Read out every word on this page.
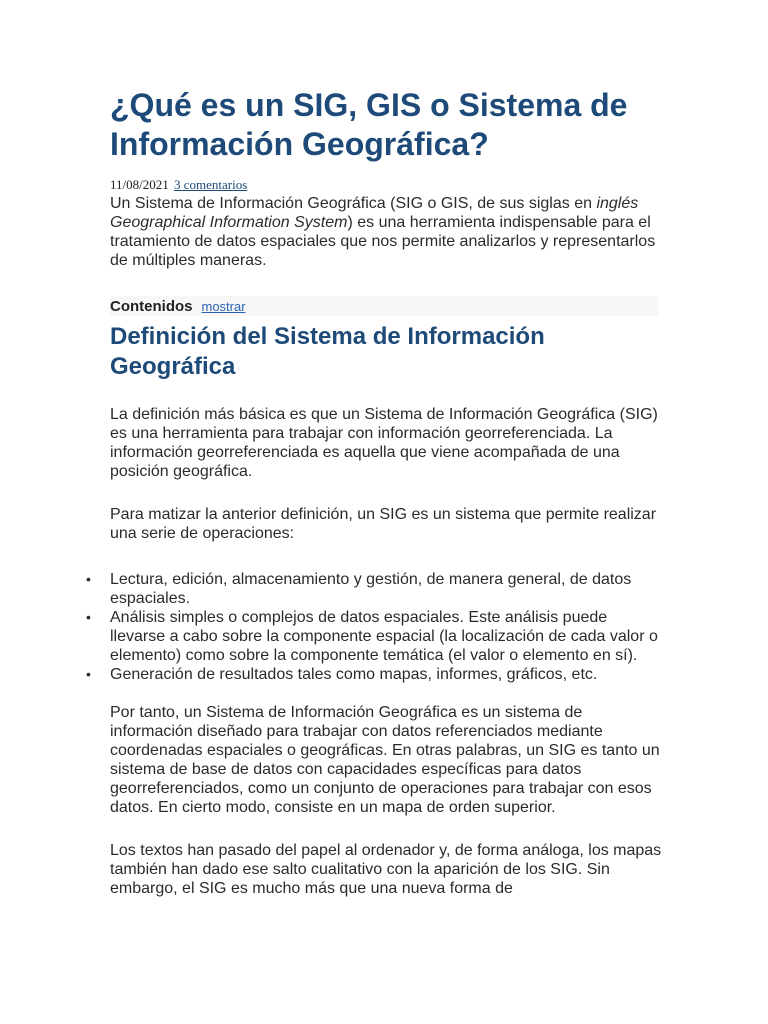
¿Qué es un SIG, GIS o Sistema de Información Geográfica?
11/08/2021 3 comentarios

Un Sistema de Información Geográfica (SIG o GIS, de sus siglas en inglés Geographical Information System) es una herramienta indispensable para el tratamiento de datos espaciales que nos permite analizarlos y representarlos de múltiples maneras.

Contenidos mostrar
Definición del Sistema de Información Geográfica

La definición más básica es que un Sistema de Información Geográfica (SIG) es una herramienta para trabajar con información georreferenciada. La información georreferenciada es aquella que viene acompañada de una posición geográfica.

Para matizar la anterior definición, un SIG es un sistema que permite realizar una serie de operaciones:

• Lectura, edición, almacenamiento y gestión, de manera general, de datos espaciales.
• Análisis simples o complejos de datos espaciales. Este análisis puede llevarse a cabo sobre la componente espacial (la localización de cada valor o elemento) como sobre la componente temática (el valor o elemento en sí).
• Generación de resultados tales como mapas, informes, gráficos, etc.

Por tanto, un Sistema de Información Geográfica es un sistema de información diseñado para trabajar con datos referenciados mediante coordenadas espaciales o geográficas. En otras palabras, un SIG es tanto un sistema de base de datos con capacidades específicas para datos georreferenciados, como un conjunto de operaciones para trabajar con esos datos. En cierto modo, consiste en un mapa de orden superior.

Los textos han pasado del papel al ordenador y, de forma análoga, los mapas también han dado ese salto cualitativo con la aparición de los SIG. Sin embargo, el SIG es mucho más que una nueva forma de
